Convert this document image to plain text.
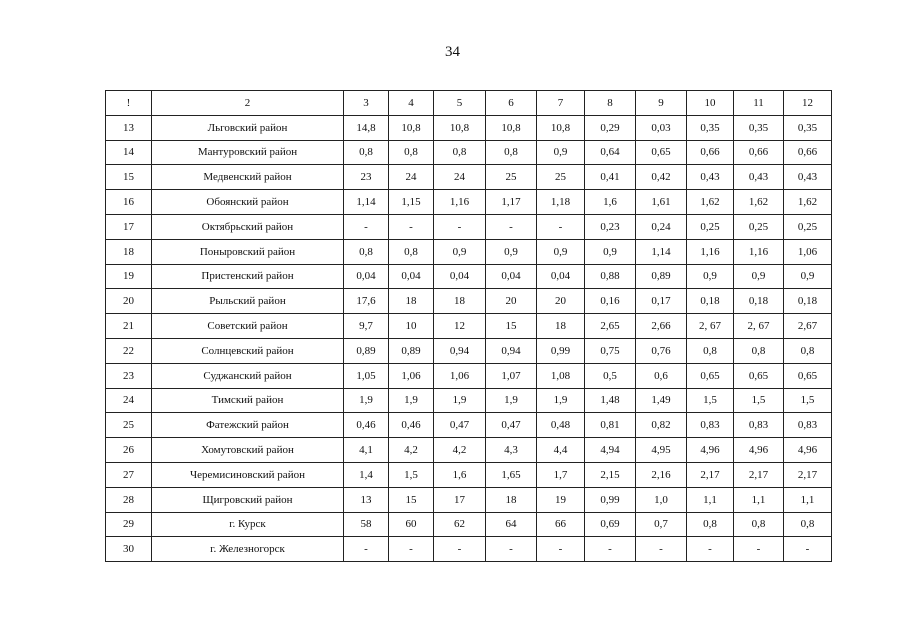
34
!	2	3	4	5	6	7	8	9	10	11	12
13	Льговский район	14,8	10,8	10,8	10,8	10,8	0,29	0,03	0,35	0,35	0,35
14	Мантуровский район	0,8	0,8	0,8	0,8	0,9	0,64	0,65	0,66	0,66	0,66
15	Медвенский район	23	24	24	25	25	0,41	0,42	0,43	0,43	0,43
16	Обоянский район	1,14	1,15	1,16	1,17	1,18	1,6	1,61	1,62	1,62	1,62
17	Октябрьский район	-	-	-	-	-	0,23	0,24	0,25	0,25	0,25
18	Поныровский район	0,8	0,8	0,9	0,9	0,9	0,9	1,14	1,16	1,16	1,06
19	Пристенский район	0,04	0,04	0,04	0,04	0,04	0,88	0,89	0,9	0,9	0,9
20	Рыльский район	17,6	18	18	20	20	0,16	0,17	0,18	0,18	0,18
21	Советский район	9,7	10	12	15	18	2,65	2,66	2, 67	2, 67	2,67
22	Солнцевский район	0,89	0,89	0,94	0,94	0,99	0,75	0,76	0,8	0,8	0,8
23	Суджанский район	1,05	1,06	1,06	1,07	1,08	0,5	0,6	0,65	0,65	0,65
24	Тимский район	1,9	1,9	1,9	1,9	1,9	1,48	1,49	1,5	1,5	1,5
25	Фатежский район	0,46	0,46	0,47	0,47	0,48	0,81	0,82	0,83	0,83	0,83
26	Хомутовский район	4,1	4,2	4,2	4,3	4,4	4,94	4,95	4,96	4,96	4,96
27	Черемисиновский район	1,4	1,5	1,6	1,65	1,7	2,15	2,16	2,17	2,17	2,17
28	Щигровский район	13	15	17	18	19	0,99	1,0	1,1	1,1	1,1
29	г. Курск	58	60	62	64	66	0,69	0,7	0,8	0,8	0,8
30	г. Железногорск	-	-	-	-	-	-	-	-	-	-
